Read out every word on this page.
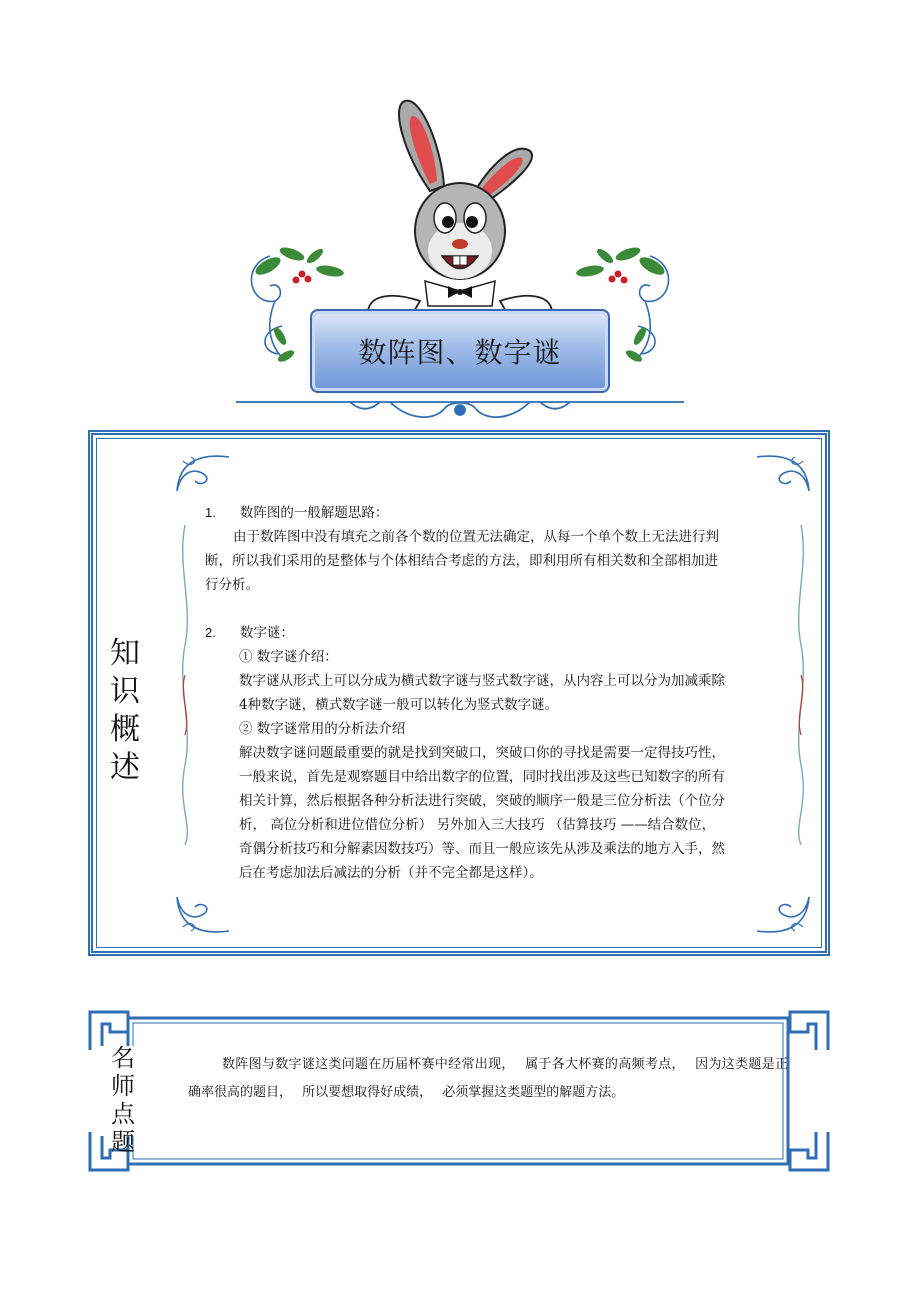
数阵图、数字谜
知
识
概
述
1. 数阵图的一般解题思路：
由于数阵图中没有填充之前各个数的位置无法确定，从每一个单个数上无法进行判断，所以我们采用的是整体与个体相结合考虑的方法，即利用所有相关数和全部相加进行分析。
2. 数字谜：
① 数字谜介绍：
数字谜从形式上可以分成为横式数字谜与竖式数字谜，从内容上可以分为加减乘除 4种数字谜，横式数字谜一般可以转化为竖式数字谜。
② 数字谜常用的分析法介绍
解决数字谜问题最重要的就是找到突破口，突破口你的寻找是需要一定得技巧性，一般来说，首先是观察题目中给出数字的位置，同时找出涉及这些已知数字的所有相关计算，然后根据各种分析法进行突破，突破的顺序一般是三位分析法（个位分析， 高位分析和进位借位分析） 另外加入三大技巧 （估算技巧 ——结合数位，奇偶分析技巧和分解素因数技巧）等、而且一般应该先从涉及乘法的地方入手，然后在考虑加法后减法的分析（并不完全都是这样）。
名
师
点
题
数阵图与数字谜这类问题在历届杯赛中经常出现， 属于各大杯赛的高频考点， 因为这类题是正确率很高的题目， 所以要想取得好成绩， 必须掌握这类题型的解题方法。
